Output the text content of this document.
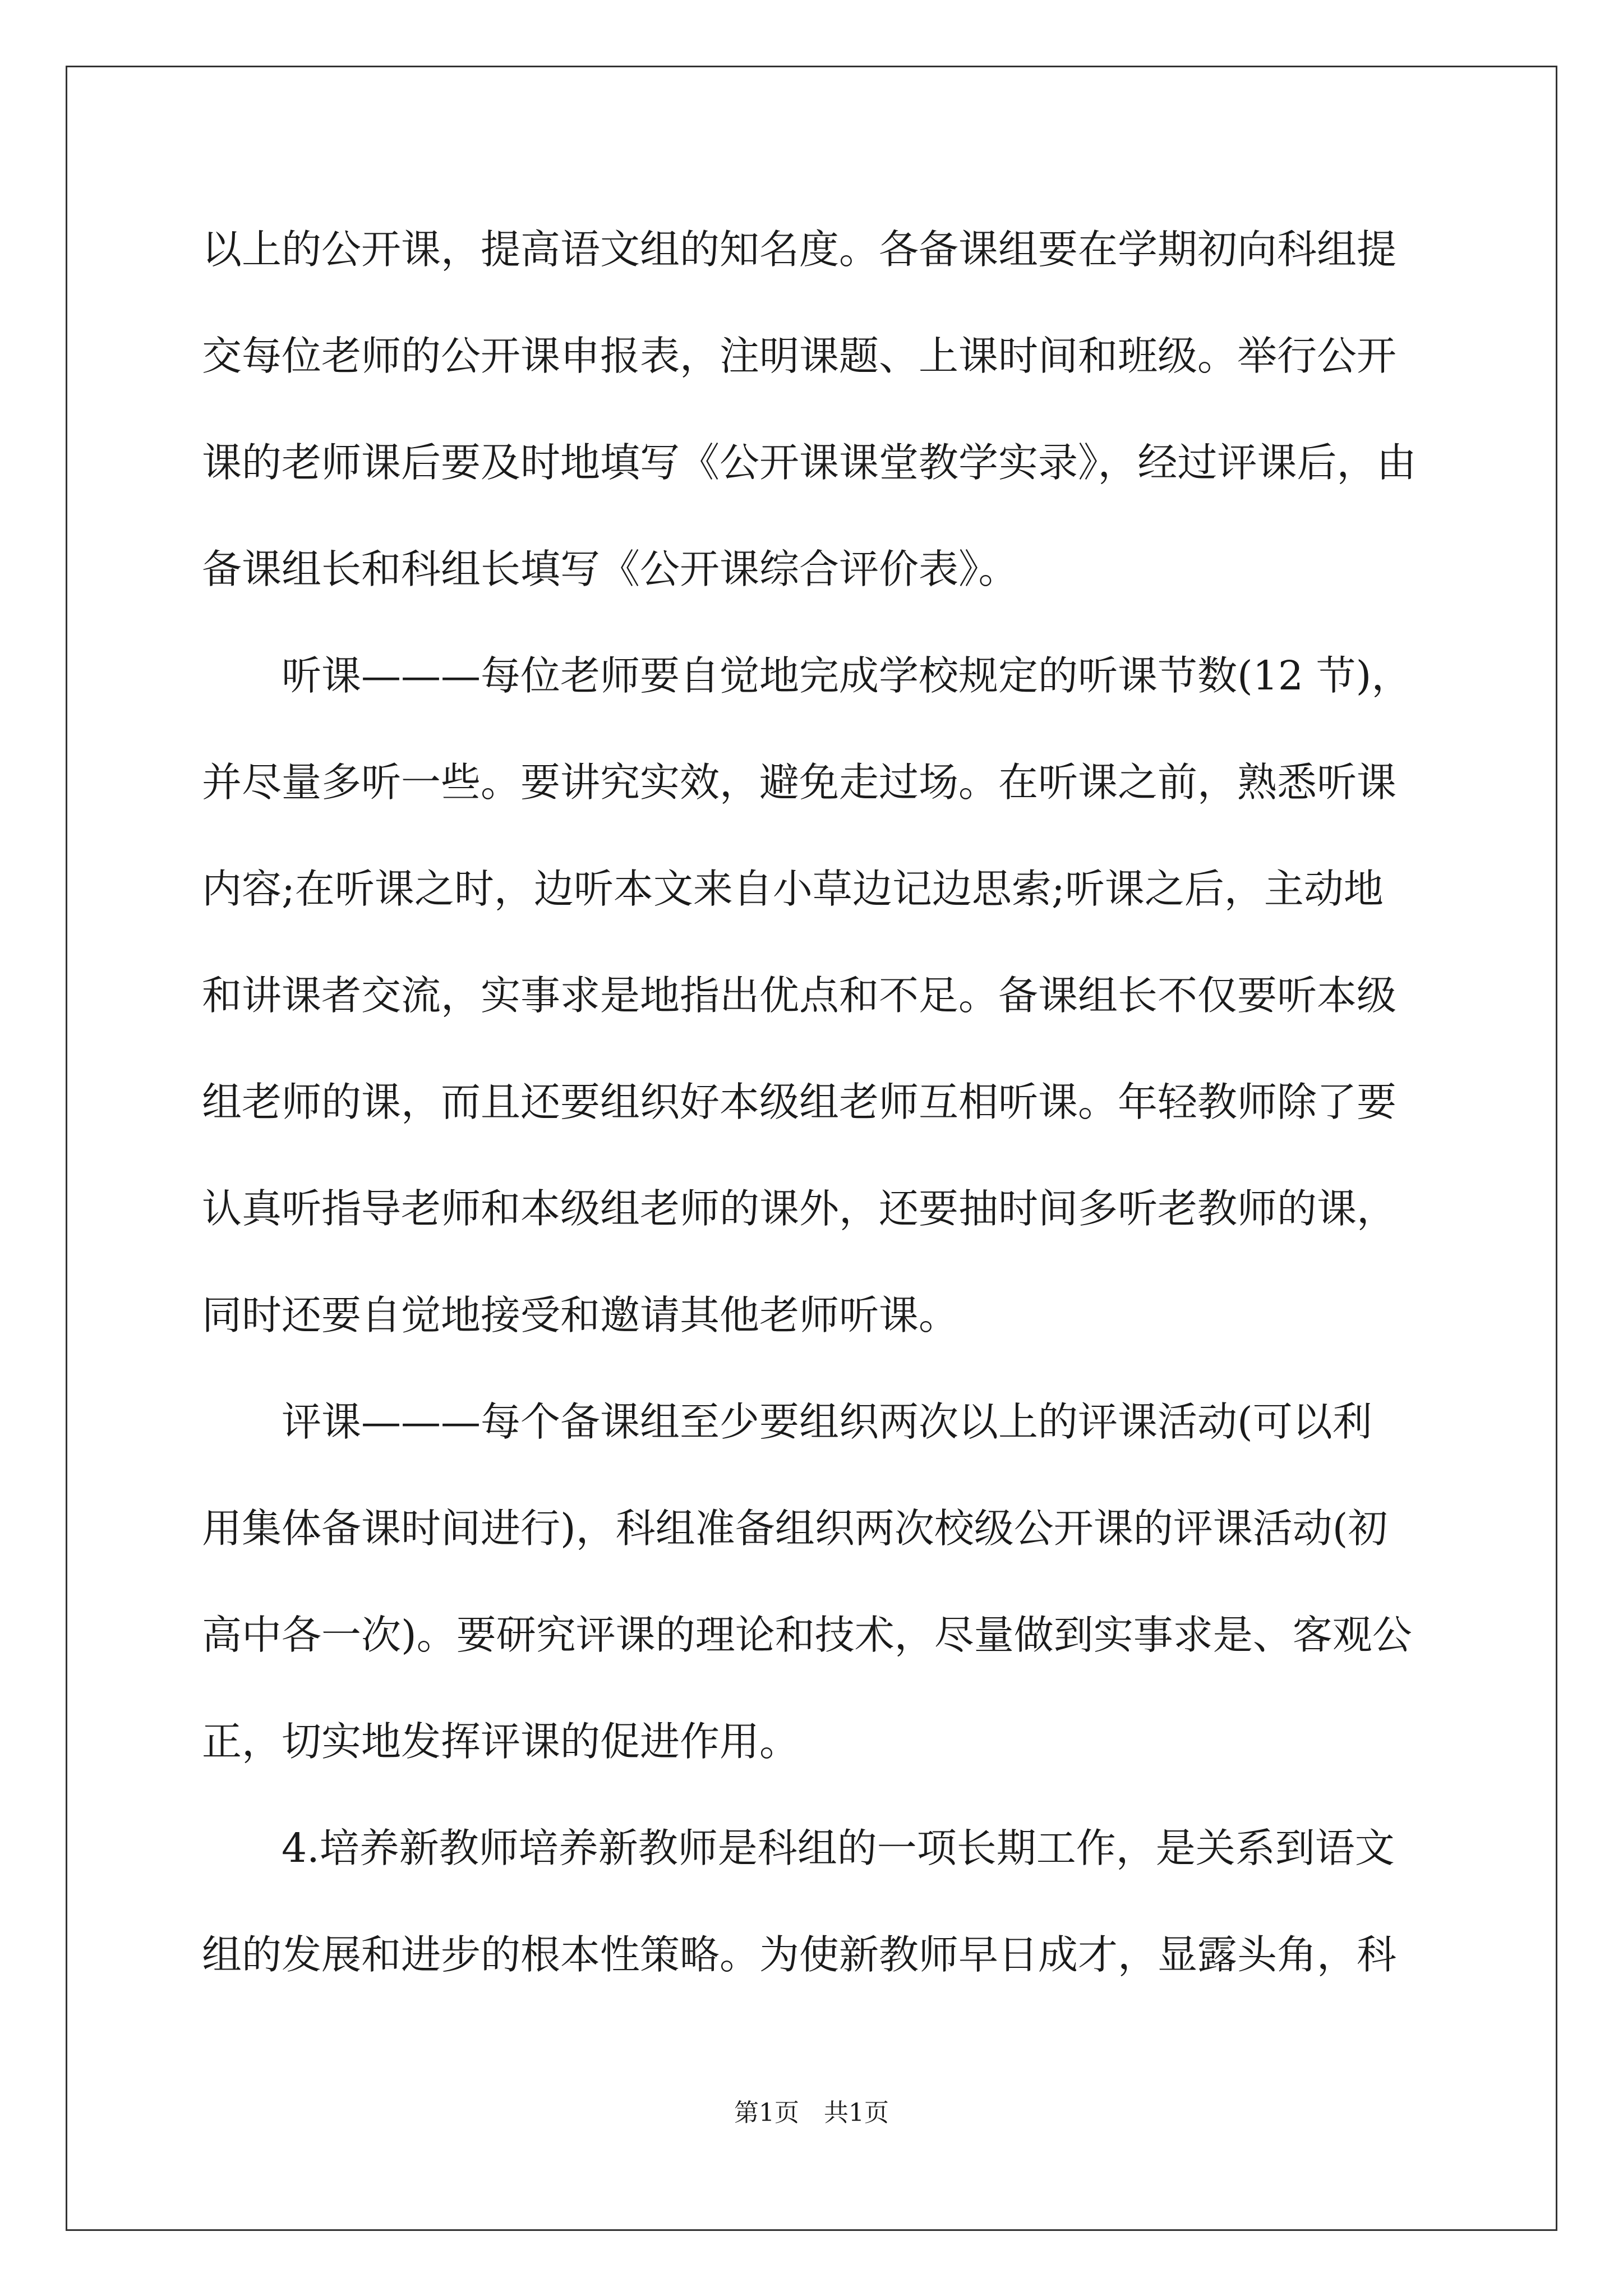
以上的公开课，提高语文组的知名度。各备课组要在学期初向科组提
交每位老师的公开课申报表，注明课题、上课时间和班级。举行公开
课的老师课后要及时地填写《公开课课堂教学实录》，经过评课后，由
备课组长和科组长填写《公开课综合评价表》。
听课———每位老师要自觉地完成学校规定的听课节数(12 节)，
并尽量多听一些。要讲究实效，避免走过场。在听课之前，熟悉听课
内容;在听课之时，边听本文来自小草边记边思索;听课之后，主动地
和讲课者交流，实事求是地指出优点和不足。备课组长不仅要听本级
组老师的课，而且还要组织好本级组老师互相听课。年轻教师除了要
认真听指导老师和本级组老师的课外，还要抽时间多听老教师的课，
同时还要自觉地接受和邀请其他老师听课。
评课———每个备课组至少要组织两次以上的评课活动(可以利
用集体备课时间进行)，科组准备组织两次校级公开课的评课活动(初
高中各一次)。要研究评课的理论和技术，尽量做到实事求是、客观公
正，切实地发挥评课的促进作用。
4.培养新教师培养新教师是科组的一项长期工作，是关系到语文
组的发展和进步的根本性策略。为使新教师早日成才，显露头角，科
第1页　共1页
